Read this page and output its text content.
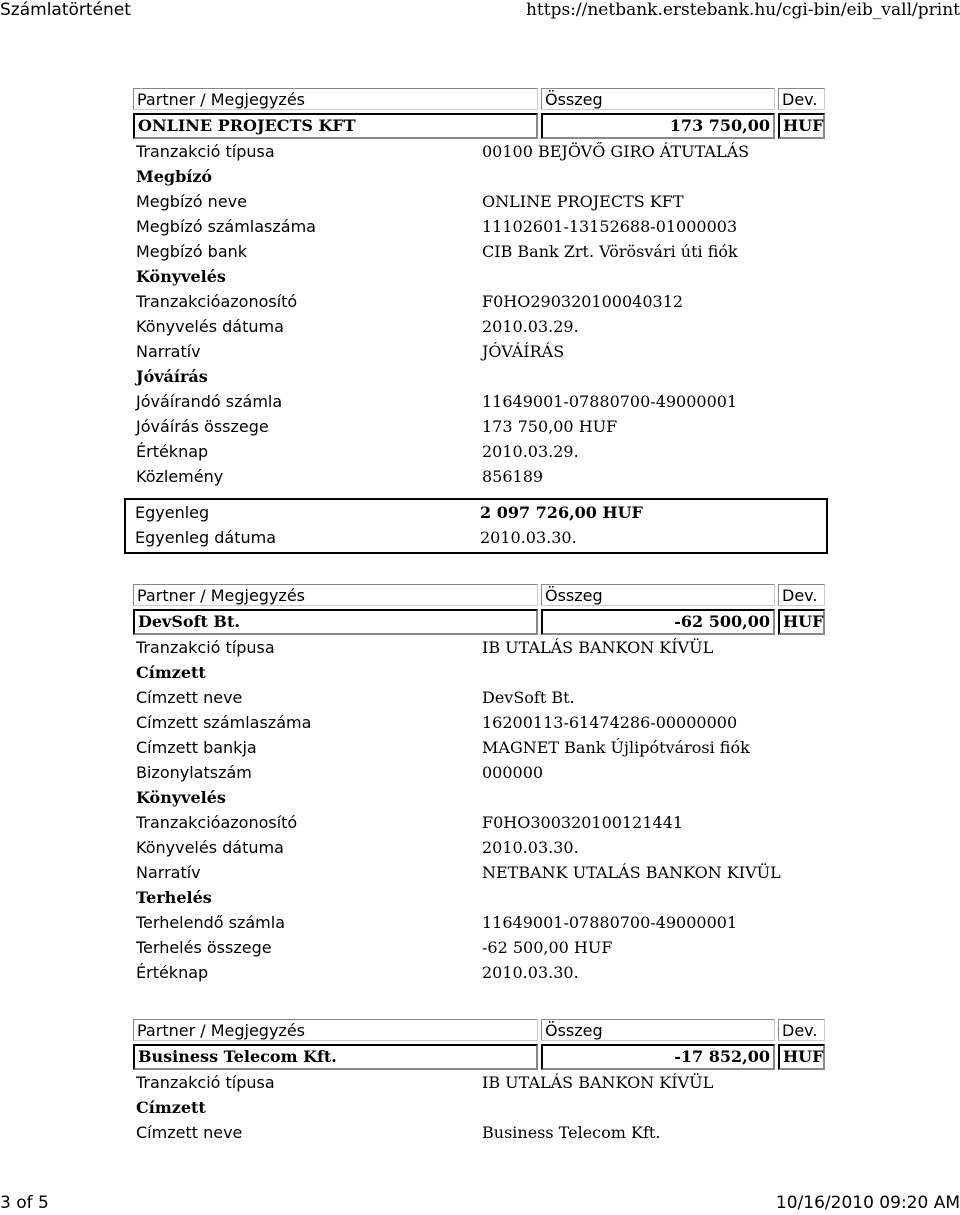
Számlatörténet	https://netbank.erstebank.hu/cgi-bin/eib_vall/print
Partner / Megjegyzés	Összeg	Dev.
ONLINE PROJECTS KFT	173 750,00 HUF
Tranzakció típusa	00100 BEJÖVŐ GIRO ÁTUTALÁS
Megbízó
Megbízó neve	ONLINE PROJECTS KFT
Megbízó számlaszáma	11102601-13152688-01000003
Megbízó bank	CIB Bank Zrt. Vörösvári úti fiók
Könyvelés
Tranzakcióazonosító	F0HO290320100040312
Könyvelés dátuma	2010.03.29.
Narratív	JÓVÁÍRÁS
Jóváírás
Jóváírandó számla	11649001-07880700-49000001
Jóváírás összege	173 750,00 HUF
Értéknap	2010.03.29.
Közlemény	856189
Egyenleg	2 097 726,00 HUF
Egyenleg dátuma	2010.03.30.
Partner / Megjegyzés	Összeg	Dev.
DevSoft Bt.	-62 500,00 HUF
Tranzakció típusa	IB UTALÁS BANKON KÍVÜL
Címzett
Címzett neve	DevSoft Bt.
Címzett számlaszáma	16200113-61474286-00000000
Címzett bankja	MAGNET Bank Újlipótvárosi fiók
Bizonylatszám	000000
Könyvelés
Tranzakcióazonosító	F0HO300320100121441
Könyvelés dátuma	2010.03.30.
Narratív	NETBANK UTALÁS BANKON KIVÜL
Terhelés
Terhelendő számla	11649001-07880700-49000001
Terhelés összege	-62 500,00 HUF
Értéknap	2010.03.30.
Partner / Megjegyzés	Összeg	Dev.
Business Telecom Kft.	-17 852,00 HUF
Tranzakció típusa	IB UTALÁS BANKON KÍVÜL
Címzett
Címzett neve	Business Telecom Kft.
3 of 5	10/16/2010 09:20 AM
